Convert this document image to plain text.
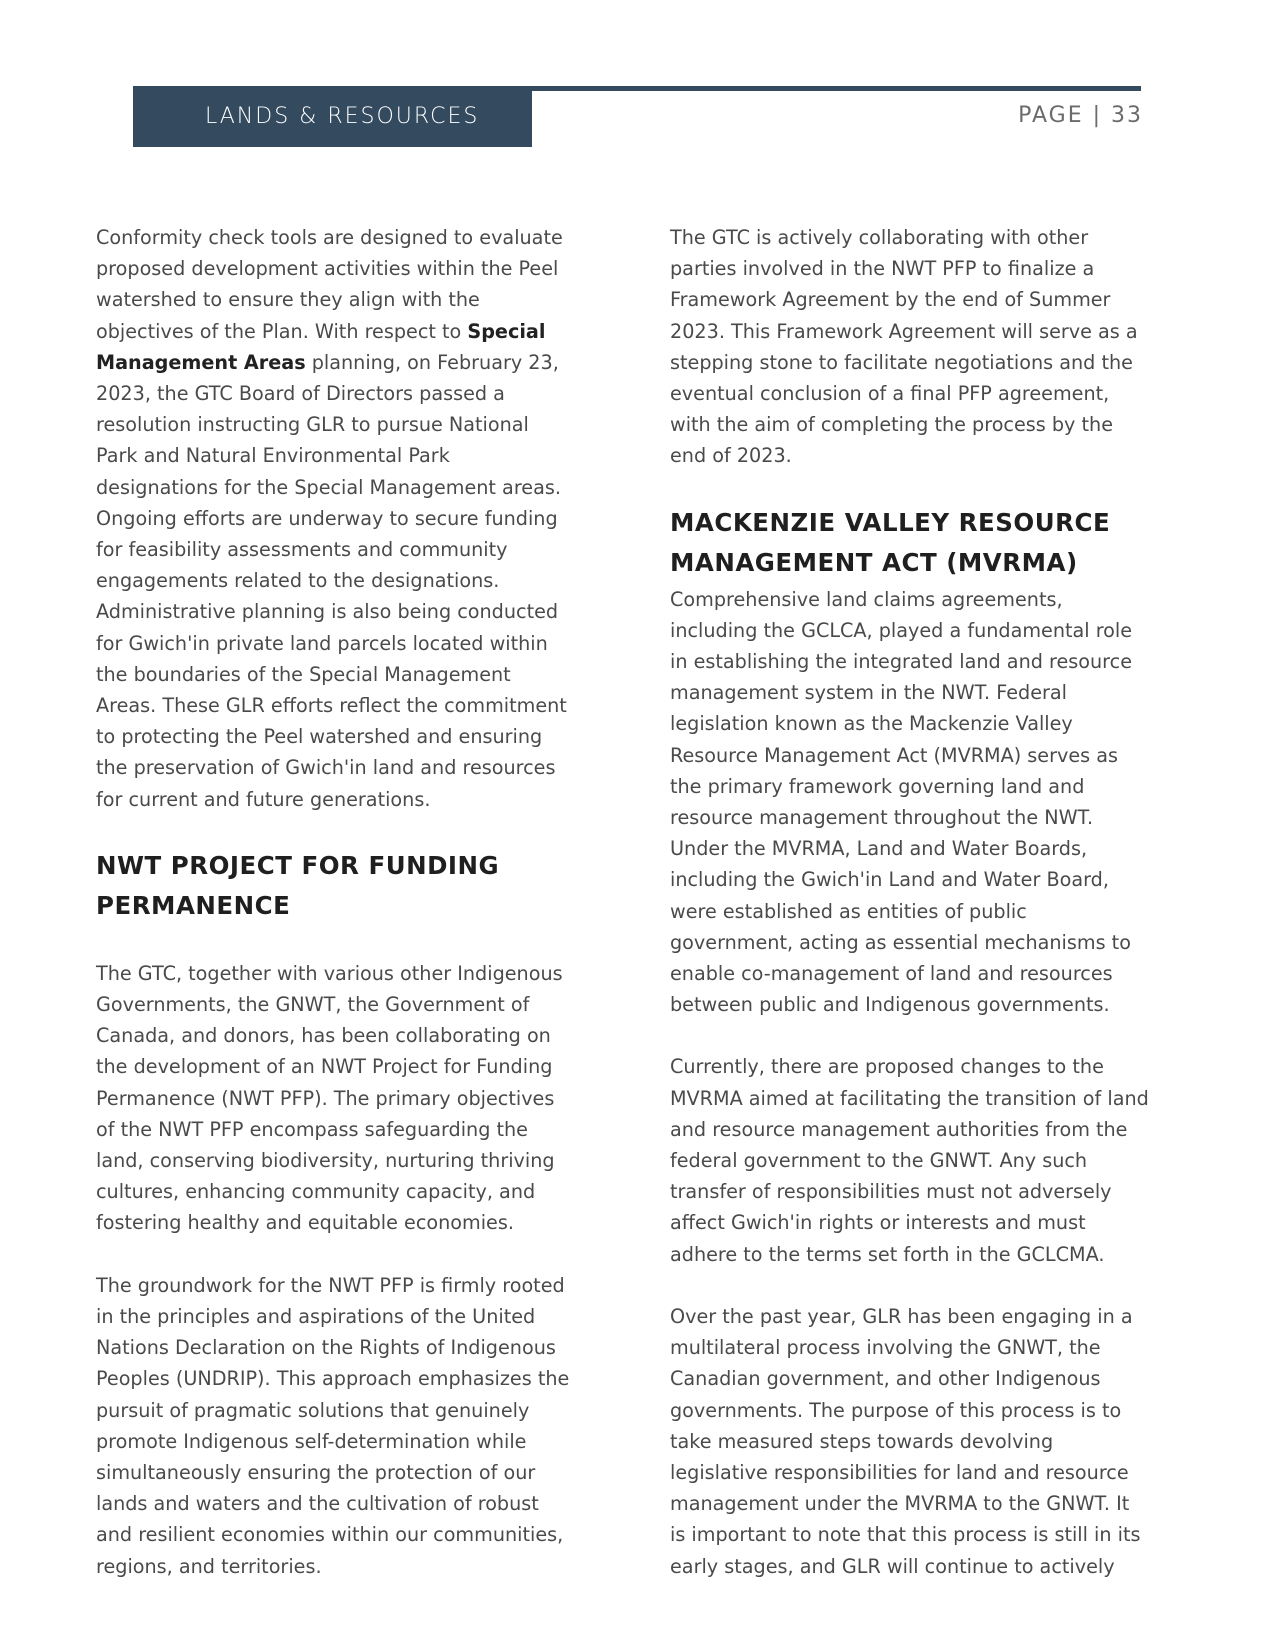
LANDS & RESOURCES	PAGE | 33

Conformity check tools are designed to evaluate proposed development activities within the Peel watershed to ensure they align with the objectives of the Plan. With respect to Special Management Areas planning, on February 23, 2023, the GTC Board of Directors passed a resolution instructing GLR to pursue National Park and Natural Environmental Park designations for the Special Management areas. Ongoing efforts are underway to secure funding for feasibility assessments and community engagements related to the designations. Administrative planning is also being conducted for Gwich'in private land parcels located within the boundaries of the Special Management Areas. These GLR efforts reflect the commitment to protecting the Peel watershed and ensuring the preservation of Gwich'in land and resources for current and future generations.

NWT PROJECT FOR FUNDING PERMANENCE

The GTC, together with various other Indigenous Governments, the GNWT, the Government of Canada, and donors, has been collaborating on the development of an NWT Project for Funding Permanence (NWT PFP). The primary objectives of the NWT PFP encompass safeguarding the land, conserving biodiversity, nurturing thriving cultures, enhancing community capacity, and fostering healthy and equitable economies.

The groundwork for the NWT PFP is firmly rooted in the principles and aspirations of the United Nations Declaration on the Rights of Indigenous Peoples (UNDRIP). This approach emphasizes the pursuit of pragmatic solutions that genuinely promote Indigenous self-determination while simultaneously ensuring the protection of our lands and waters and the cultivation of robust and resilient economies within our communities, regions, and territories.

The GTC is actively collaborating with other parties involved in the NWT PFP to finalize a Framework Agreement by the end of Summer 2023. This Framework Agreement will serve as a stepping stone to facilitate negotiations and the eventual conclusion of a final PFP agreement, with the aim of completing the process by the end of 2023.

MACKENZIE VALLEY RESOURCE MANAGEMENT ACT (MVRMA)

Comprehensive land claims agreements, including the GCLCA, played a fundamental role in establishing the integrated land and resource management system in the NWT. Federal legislation known as the Mackenzie Valley Resource Management Act (MVRMA) serves as the primary framework governing land and resource management throughout the NWT. Under the MVRMA, Land and Water Boards, including the Gwich'in Land and Water Board, were established as entities of public government, acting as essential mechanisms to enable co-management of land and resources between public and Indigenous governments.

Currently, there are proposed changes to the MVRMA aimed at facilitating the transition of land and resource management authorities from the federal government to the GNWT. Any such transfer of responsibilities must not adversely affect Gwich'in rights or interests and must adhere to the terms set forth in the GCLCMA.

Over the past year, GLR has been engaging in a multilateral process involving the GNWT, the Canadian government, and other Indigenous governments. The purpose of this process is to take measured steps towards devolving legislative responsibilities for land and resource management under the MVRMA to the GNWT. It is important to note that this process is still in its early stages, and GLR will continue to actively
